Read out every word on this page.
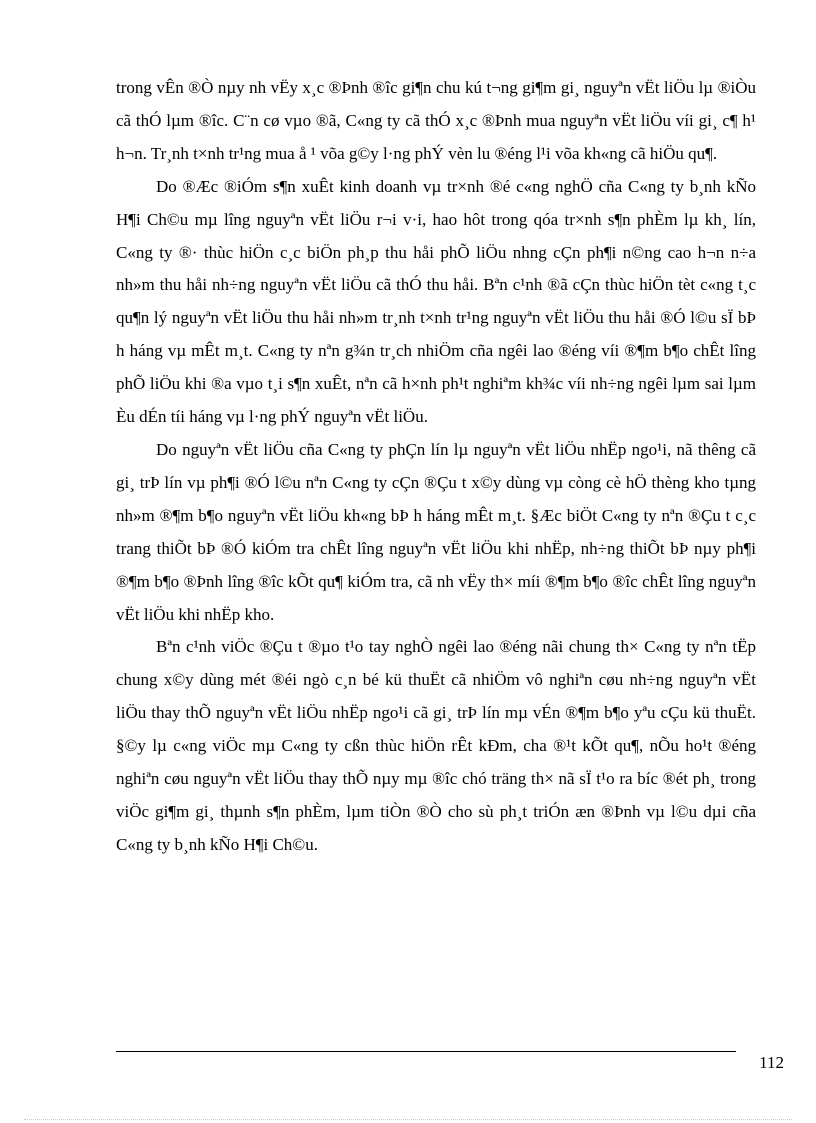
trong vÊn ®Ò nµy nh vËy x¸c ®Þnh ®îc gi¶n chu kú t¬ng gi¶m gi¸ nguyªn vËt liÖu lµ ®iÒu cã thÓ lµm ®îc. C¨n cø vµo ®ã, C«ng ty cã thÓ x¸c ®Þnh mua nguyªn vËt liÖu víi gi¸ c¶ h¹ h¬n. Tr¸nh t×nh tr¹ng mua å ¹ võa g©y l·ng phÝ vèn lu ®éng l¹i võa kh«ng cã hiÖu qu¶.

Do ®Æc ®iÓm s¶n xuÊt kinh doanh vµ tr×nh ®é c«ng nghÖ cña C«ng ty b¸nh kÑo H¶i Ch©u mµ lîng nguyªn vËt liÖu r¬i v·i, hao hôt trong qóa tr×nh s¶n phÈm lµ kh¸ lín, C«ng ty ®· thùc hiÖn c¸c biÖn ph¸p thu håi phÕ liÖu nhng cÇn ph¶i n©ng cao h¬n n÷a nh»m thu håi nh÷ng nguyªn vËt liÖu cã thÓ thu håi. Bªn c¹nh ®ã cÇn thùc hiÖn tèt c«ng t¸c qu¶n lý nguyªn vËt liÖu thu håi nh»m tr¸nh t×nh tr¹ng nguyªn vËt liÖu thu håi ®Ó l©u sÏ bÞ h háng vµ mÊt m¸t. C«ng ty nªn g¾n tr¸ch nhiÖm cña ngêi lao ®éng víi ®¶m b¶o chÊt lîng phÕ liÖu khi ®a vµo t¸i s¶n xuÊt, nªn cã h×nh ph¹t nghiªm kh¾c víi nh÷ng ngêi lµm sai lµm Èu dÉn tíi háng vµ l·ng phÝ nguyªn vËt liÖu.

Do nguyªn vËt liÖu cña C«ng ty phÇn lín lµ nguyªn vËt liÖu nhËp ngo¹i, nã thêng cã gi¸ trÞ lín vµ ph¶i ®Ó l©u nªn C«ng ty cÇn ®Çu t x©y dùng vµ còng cè hÖ thèng kho tµng nh»m ®¶m b¶o nguyªn vËt liÖu kh«ng bÞ h háng mÊt m¸t. §Æc biÖt C«ng ty nªn ®Çu t c¸c trang thiÕt bÞ ®Ó kiÓm tra chÊt lîng nguyªn vËt liÖu khi nhËp, nh÷ng thiÕt bÞ nµy ph¶i ®¶m b¶o ®Þnh lîng ®îc kÕt qu¶ kiÓm tra, cã nh vËy th× míi ®¶m b¶o ®îc chÊt lîng nguyªn vËt liÖu khi nhËp kho.

Bªn c¹nh viÖc ®Çu t ®µo t¹o tay nghÒ ngêi lao ®éng nãi chung th× C«ng ty nªn tËp chung x©y dùng mét ®éi ngò c¸n bé kü thuËt cã nhiÖm vô nghiªn cøu nh÷ng nguyªn vËt liÖu thay thÕ nguyªn vËt liÖu nhËp ngo¹i cã gi¸ trÞ lín mµ vÉn ®¶m b¶o yªu cÇu kü thuËt. §©y lµ c«ng viÖc mµ C«ng ty cßn thùc hiÖn rÊt kÐm, cha ®¹t kÕt qu¶, nÕu ho¹t ®éng nghiªn cøu nguyªn vËt liÖu thay thÕ nµy mµ ®îc chó träng th× nã sÏ t¹o ra bíc ®ét ph¸ trong viÖc gi¶m gi¸ thµnh s¶n phÈm, lµm tiÒn ®Ò cho sù ph¸t triÓn æn ®Þnh vµ l©u dµi cña C«ng ty b¸nh kÑo H¶i Ch©u.

112
